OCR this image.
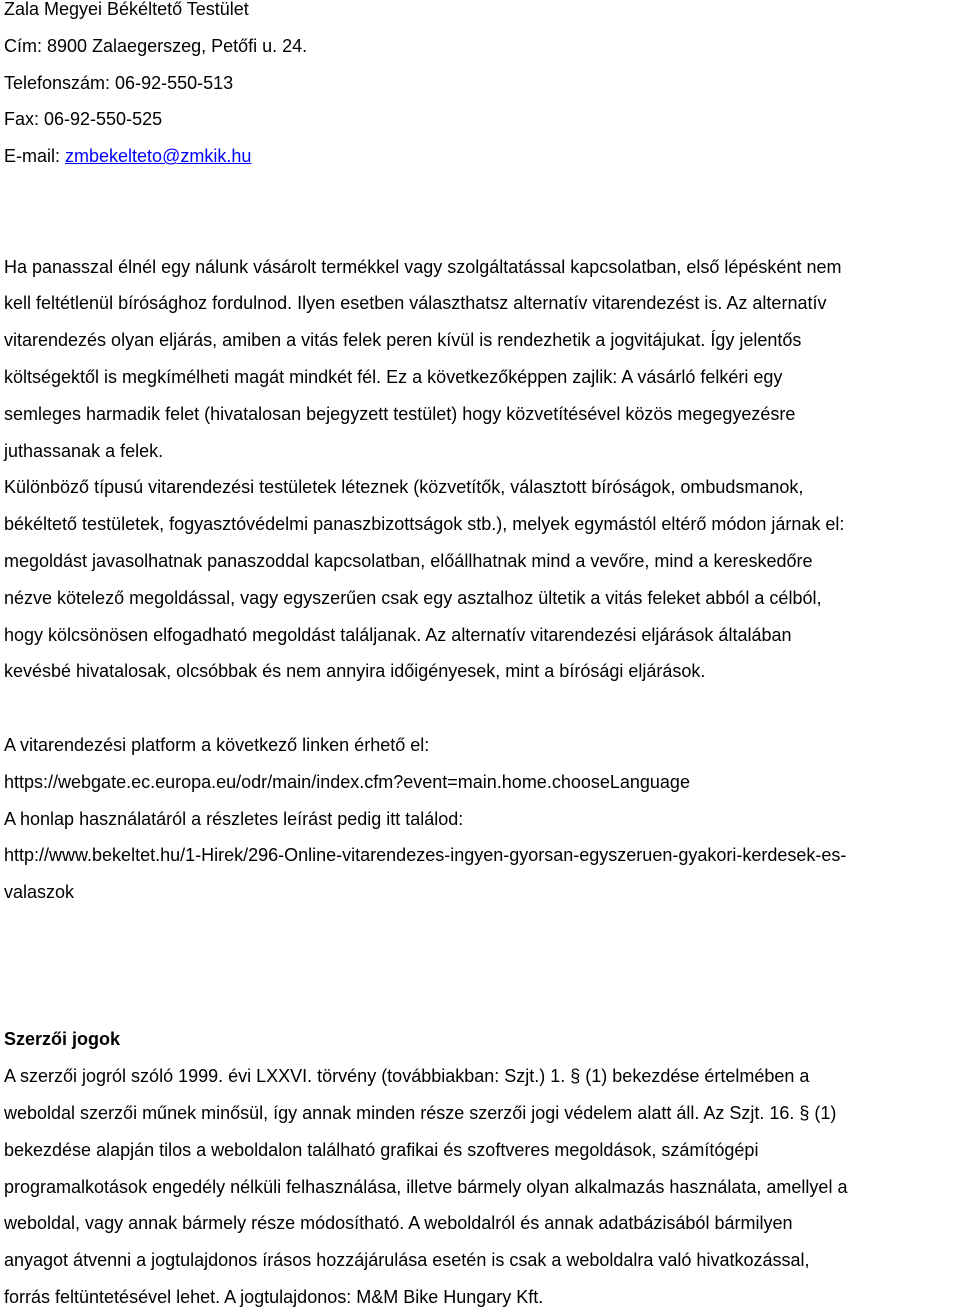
Zala Megyei Békéltető Testület
Cím: 8900 Zalaegerszeg, Petőfi u. 24.
Telefonszám: 06-92-550-513
Fax: 06-92-550-525
E-mail: zmbekelteto@zmkik.hu
Ha panasszal élnél egy nálunk vásárolt termékkel vagy szolgáltatással kapcsolatban, első lépésként nem
kell feltétlenül bírósághoz fordulnod. Ilyen esetben választhatsz alternatív vitarendezést is. Az alternatív
vitarendezés olyan eljárás, amiben a vitás felek peren kívül is rendezhetik a jogvitájukat. Így jelentős
költségektől is megkímélheti magát mindkét fél. Ez a következőképpen zajlik: A vásárló felkéri egy
semleges harmadik felet (hivatalosan bejegyzett testület) hogy közvetítésével közös megegyezésre
juthassanak a felek.
Különböző típusú vitarendezési testületek léteznek (közvetítők, választott bíróságok, ombudsmanok,
békéltető testületek, fogyasztóvédelmi panaszbizottságok stb.), melyek egymástól eltérő módon járnak el:
megoldást javasolhatnak panaszoddal kapcsolatban, előállhatnak mind a vevőre, mind a kereskedőre
nézve kötelező megoldással, vagy egyszerűen csak egy asztalhoz ültetik a vitás feleket abból a célból,
hogy kölcsönösen elfogadható megoldást találjanak. Az alternatív vitarendezési eljárások általában
kevésbé hivatalosak, olcsóbbak és nem annyira időigényesek, mint a bírósági eljárások.
A vitarendezési platform a következő linken érhető el:
https://webgate.ec.europa.eu/odr/main/index.cfm?event=main.home.chooseLanguage
A honlap használatáról a részletes leírást pedig itt találod:
http://www.bekeltet.hu/1-Hirek/296-Online-vitarendezes-ingyen-gyorsan-egyszeruen-gyakori-kerdesek-es-
valaszok
Szerzői jogok
A szerzői jogról szóló 1999. évi LXXVI. törvény (továbbiakban: Szjt.) 1. § (1) bekezdése értelmében a
weboldal szerzői műnek minősül, így annak minden része szerzői jogi védelem alatt áll. Az Szjt. 16. § (1)
bekezdése alapján tilos a weboldalon található grafikai és szoftveres megoldások, számítógépi
programalkotások engedély nélküli felhasználása, illetve bármely olyan alkalmazás használata, amellyel a
weboldal, vagy annak bármely része módosítható. A weboldalról és annak adatbázisából bármilyen
anyagot átvenni a jogtulajdonos írásos hozzájárulása esetén is csak a weboldalra való hivatkozással,
forrás feltüntetésével lehet. A jogtulajdonos: M&M Bike Hungary Kft.
